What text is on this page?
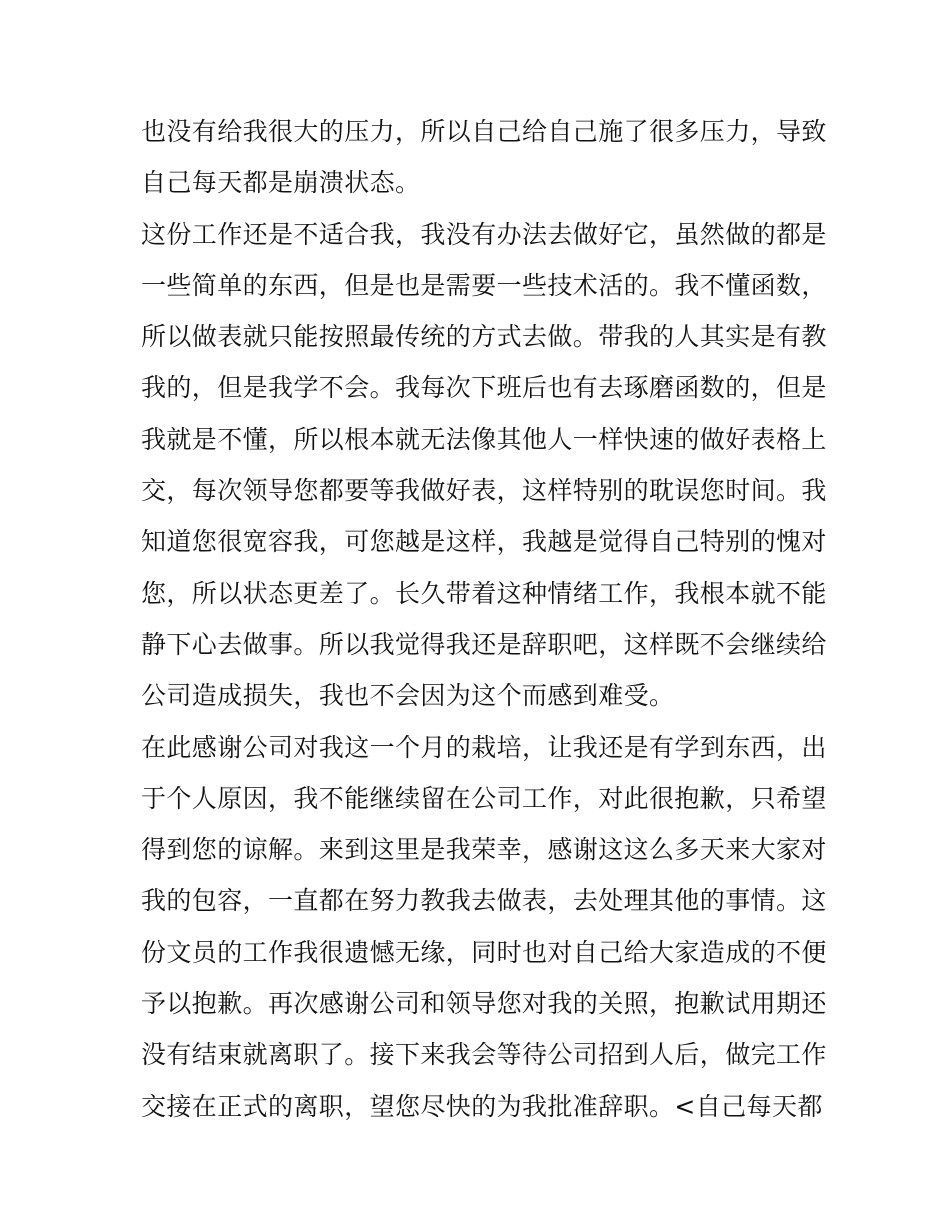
也没有给我很大的压力，所以自己给自己施了很多压力，导致
自己每天都是崩溃状态。
这份工作还是不适合我，我没有办法去做好它，虽然做的都是
一些简单的东西，但是也是需要一些技术活的。我不懂函数，
所以做表就只能按照最传统的方式去做。带我的人其实是有教
我的，但是我学不会。我每次下班后也有去琢磨函数的，但是
我就是不懂，所以根本就无法像其他人一样快速的做好表格上
交，每次领导您都要等我做好表，这样特别的耽误您时间。我
知道您很宽容我，可您越是这样，我越是觉得自己特别的愧对
您，所以状态更差了。长久带着这种情绪工作，我根本就不能
静下心去做事。所以我觉得我还是辞职吧，这样既不会继续给
公司造成损失，我也不会因为这个而感到难受。
在此感谢公司对我这一个月的栽培，让我还是有学到东西，出
于个人原因，我不能继续留在公司工作，对此很抱歉，只希望
得到您的谅解。来到这里是我荣幸，感谢这这么多天来大家对
我的包容，一直都在努力教我去做表，去处理其他的事情。这
份文员的工作我很遗憾无缘，同时也对自己给大家造成的不便
予以抱歉。再次感谢公司和领导您对我的关照，抱歉试用期还
没有结束就离职了。接下来我会等待公司招到人后，做完工作
交接在正式的离职，望您尽快的为我批准辞职。<自己每天都
